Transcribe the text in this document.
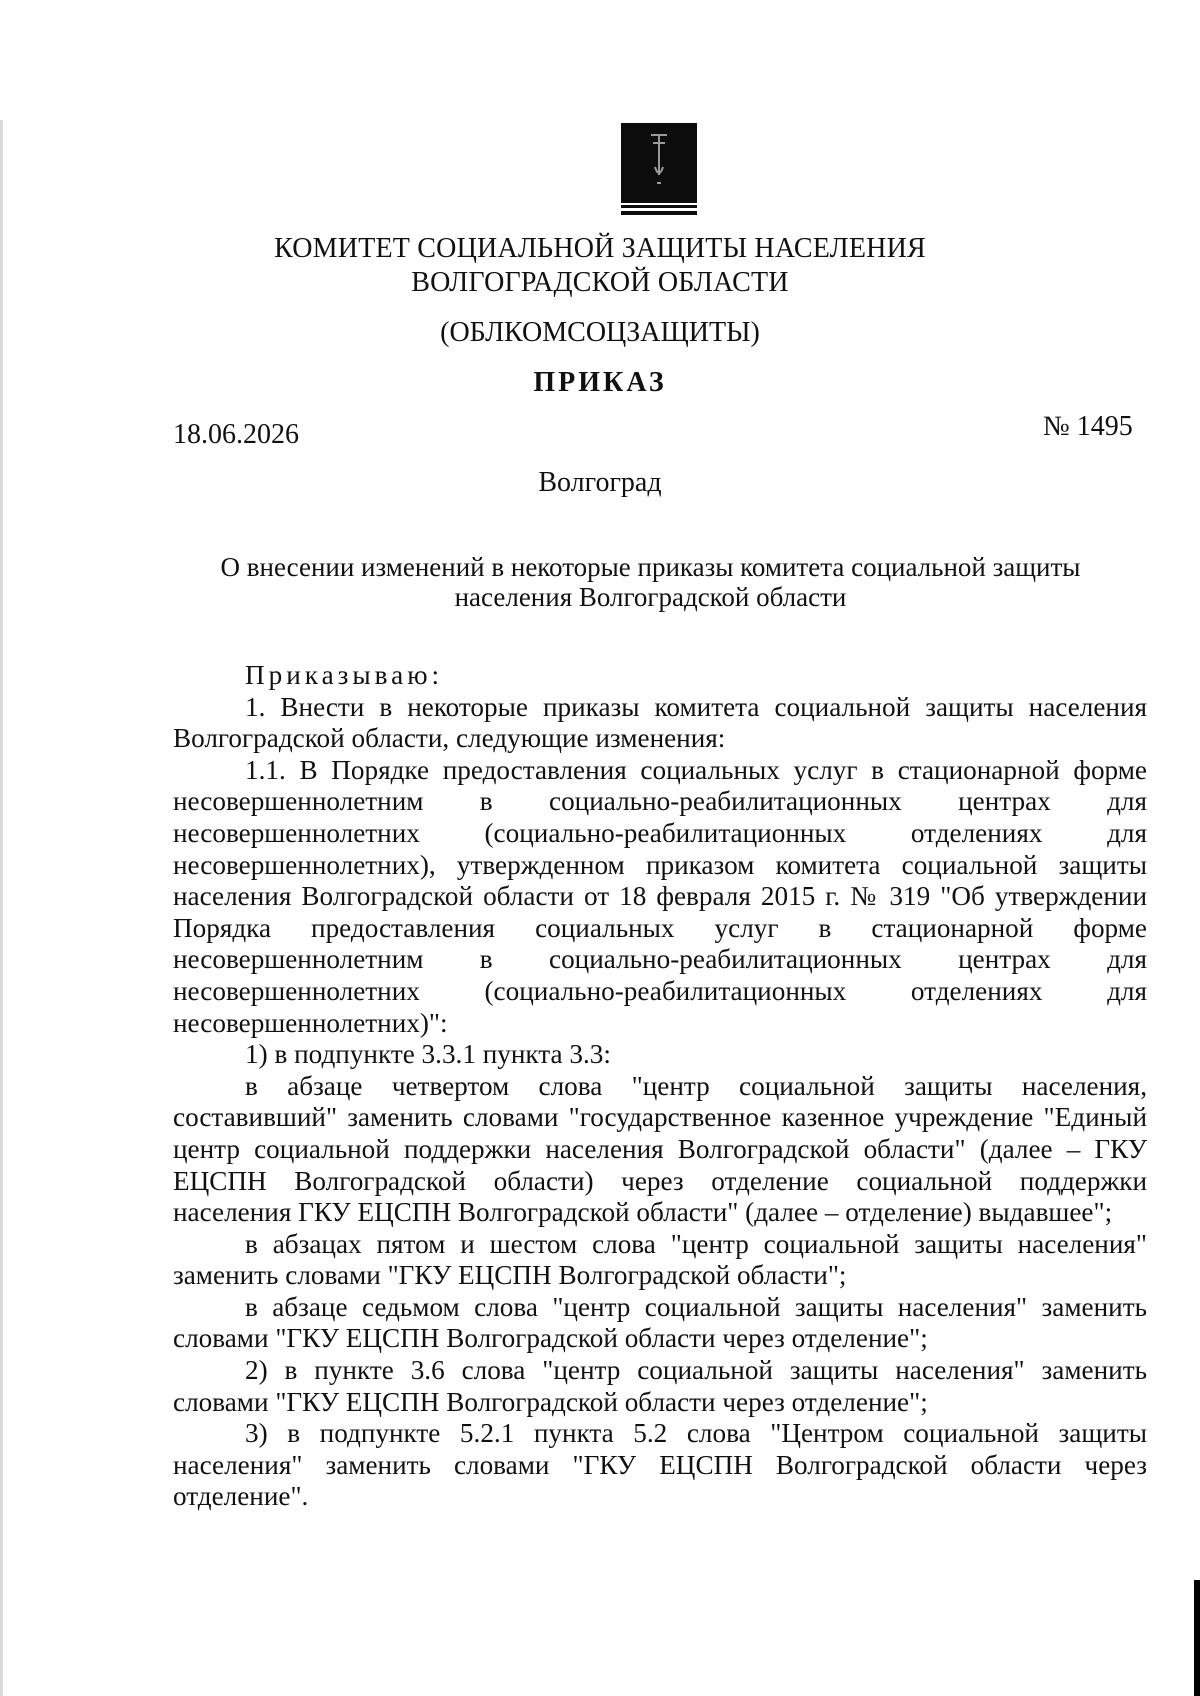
КОМИТЕТ СОЦИАЛЬНОЙ ЗАЩИТЫ НАСЕЛЕНИЯ
ВОЛГОГРАДСКОЙ ОБЛАСТИ

(ОБЛКОМСОЦЗАЩИТЫ)

ПРИКАЗ

18.06.2026	№ 1495

Волгоград

О внесении изменений в некоторые приказы комитета социальной защиты
населения Волгоградской области

Приказываю:

1. Внести в некоторые приказы комитета социальной защиты населения Волгоградской области, следующие изменения:

1.1. В Порядке предоставления социальных услуг в стационарной форме несовершеннолетним в социально-реабилитационных центрах для несовершеннолетних (социально-реабилитационных отделениях для несовершеннолетних), утвержденном приказом комитета социальной защиты населения Волгоградской области от 18 февраля 2015 г. № 319 "Об утверждении Порядка предоставления социальных услуг в стационарной форме несовершеннолетним в социально-реабилитационных центрах для несовершеннолетних (социально-реабилитационных отделениях для несовершеннолетних)":

1) в подпункте 3.3.1 пункта 3.3:

в абзаце четвертом слова "центр социальной защиты населения, составивший" заменить словами "государственное казенное учреждение "Единый центр социальной поддержки населения Волгоградской области" (далее – ГКУ ЕЦСПН Волгоградской области) через отделение социальной поддержки населения ГКУ ЕЦСПН Волгоградской области" (далее – отделение) выдавшее";

в абзацах пятом и шестом слова "центр социальной защиты населения" заменить словами "ГКУ ЕЦСПН Волгоградской области";

в абзаце седьмом слова "центр социальной защиты населения" заменить словами "ГКУ ЕЦСПН Волгоградской области через отделение";

2) в пункте 3.6 слова "центр социальной защиты населения" заменить словами "ГКУ ЕЦСПН Волгоградской области через отделение";

3) в подпункте 5.2.1 пункта 5.2 слова "Центром социальной защиты населения" заменить словами "ГКУ ЕЦСПН Волгоградской области через отделение".
